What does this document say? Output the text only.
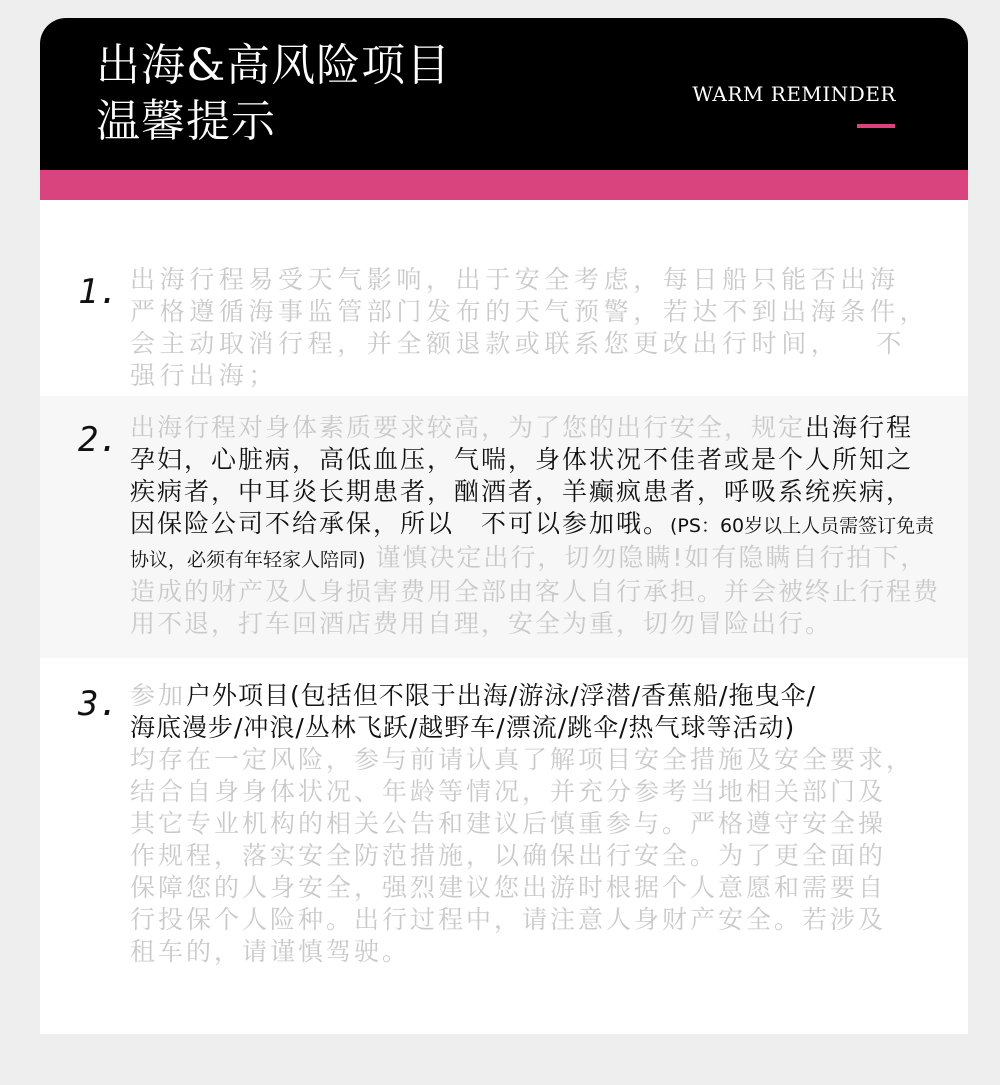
出海&高风险项目
温馨提示
WARM REMINDER
1. 出海行程易受天气影响，出于安全考虑，每日船只能否出海
严格遵循海事监管部门发布的天气预警，若达不到出海条件，
会主动取消行程，并全额退款或联系您更改出行时间， 不
强行出海；
2. 出海行程对身体素质要求较高，为了您的出行安全，规定出海行程
孕妇，心脏病，高低血压，气喘，身体状况不佳者或是个人所知之
疾病者，中耳炎长期患者，酗酒者，羊癫疯患者，呼吸系统疾病，
因保险公司不给承保，所以　不可以参加哦。(PS：60岁以上人员需签订免责
协议，必须有年轻家人陪同) 谨慎决定出行，切勿隐瞒!如有隐瞒自行拍下，
造成的财产及人身损害费用全部由客人自行承担。并会被终止行程费
用不退，打车回酒店费用自理，安全为重，切勿冒险出行。
3. 参加户外项目(包括但不限于出海/游泳/浮潜/香蕉船/拖曳伞/
海底漫步/冲浪/丛林飞跃/越野车/漂流/跳伞/热气球等活动)
均存在一定风险，参与前请认真了解项目安全措施及安全要求，
结合自身身体状况、年龄等情况，并充分参考当地相关部门及
其它专业机构的相关公告和建议后慎重参与。严格遵守安全操
作规程，落实安全防范措施，以确保出行安全。为了更全面的
保障您的人身安全，强烈建议您出游时根据个人意愿和需要自
行投保个人险种。出行过程中，请注意人身财产安全。若涉及
租车的，请谨慎驾驶。
